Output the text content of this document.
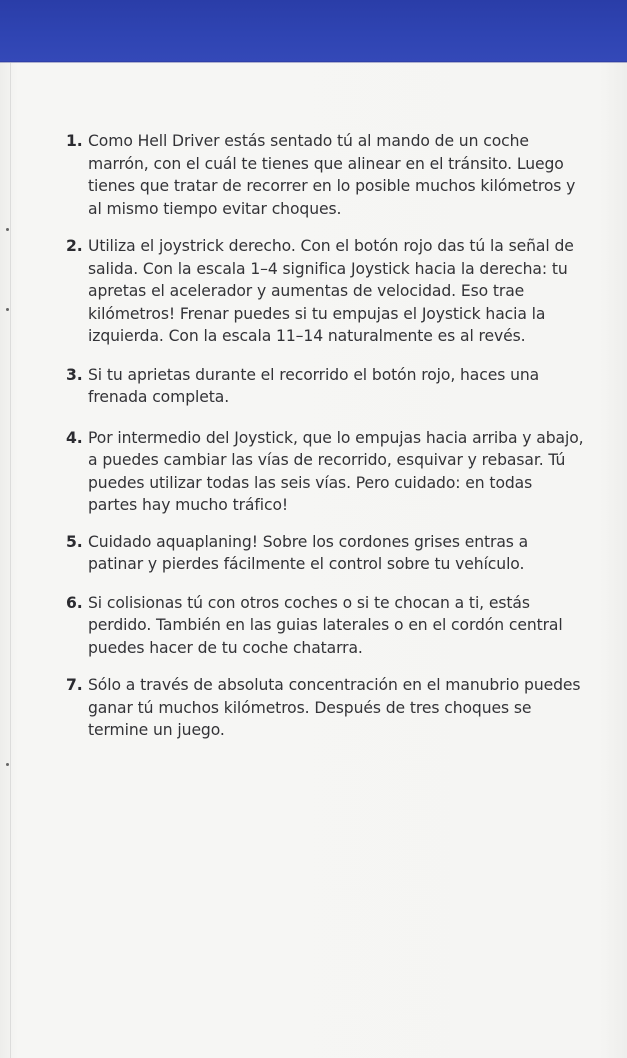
1. Como Hell Driver estás sentado tú al mando de un coche marrón, con el cuál te tienes que alinear en el tránsito. Luego tienes que tratar de recorrer en lo posible muchos kilómetros y al mismo tiempo evitar choques.
2. Utiliza el joystrick derecho. Con el botón rojo das tú la señal de salida. Con la escala 1–4 significa Joystick hacia la derecha: tu apretas el acelerador y aumentas de velocidad. Eso trae kilómetros! Frenar puedes si tu empujas el Joystick hacia la izquierda. Con la escala 11–14 naturalmente es al revés.
3. Si tu aprietas durante el recorrido el botón rojo, haces una frenada completa.
4. Por intermedio del Joystick, que lo empujas hacia arriba y abajo, a puedes cambiar las vías de recorrido, esquivar y rebasar. Tú puedes utilizar todas las seis vías. Pero cuidado: en todas partes hay mucho tráfico!
5. Cuidado aquaplaning! Sobre los cordones grises entras a patinar y pierdes fácilmente el control sobre tu vehículo.
6. Si colisionas tú con otros coches o si te chocan a ti, estás perdido. También en las guias laterales o en el cordón central puedes hacer de tu coche chatarra.
7. Sólo a través de absoluta concentración en el manubrio puedes ganar tú muchos kilómetros. Después de tres choques se termine un juego.
